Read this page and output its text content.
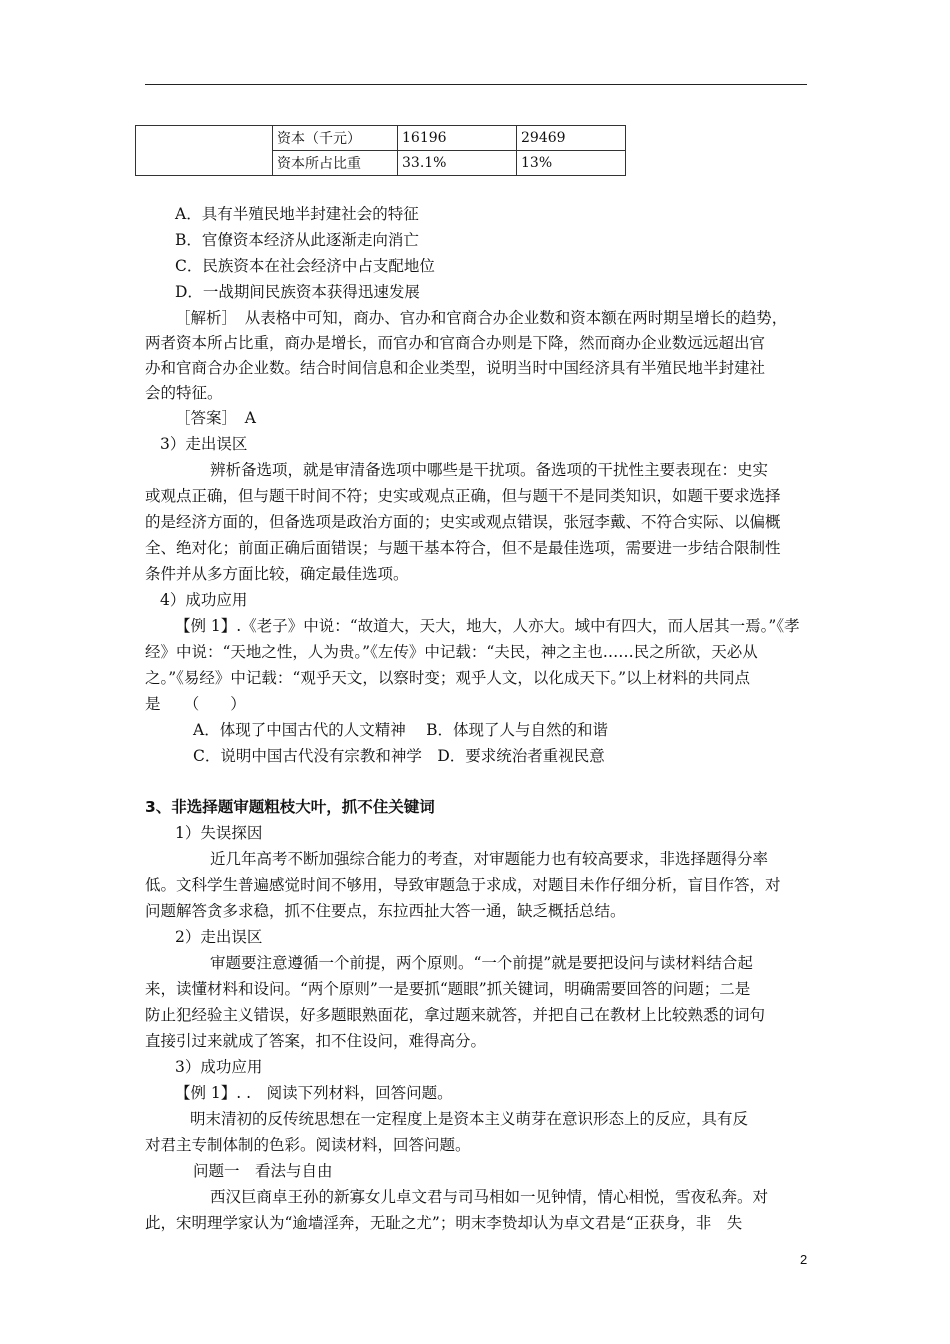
	资本（千元）	16196	29469
	资本所占比重	33.1%	13%
A．具有半殖民地半封建社会的特征
B．官僚资本经济从此逐渐走向消亡
C．民族资本在社会经济中占支配地位
D．一战期间民族资本获得迅速发展
［解析］　从表格中可知，商办、官办和官商合办企业数和资本额在两时期呈增长的趋势，
两者资本所占比重，商办是增长，而官办和官商合办则是下降，然而商办企业数远远超出官
办和官商合办企业数。结合时间信息和企业类型，说明当时中国经济具有半殖民地半封建社
会的特征。
［答案］　A
3）走出误区
辨析备选项，就是审清备选项中哪些是干扰项。备选项的干扰性主要表现在：史实
或观点正确，但与题干时间不符；史实或观点正确，但与题干不是同类知识，如题干要求选择
的是经济方面的，但备选项是政治方面的；史实或观点错误，张冠李戴、不符合实际、以偏概
全、绝对化；前面正确后面错误；与题干基本符合，但不是最佳选项，需要进一步结合限制性
条件并从多方面比较，确定最佳选项。
4）成功应用
【例 1】.《老子》中说：“故道大，天大，地大，人亦大。域中有四大，而人居其一焉。”《孝
经》中说：“天地之性，人为贵。”《左传》中记载：“夫民，神之主也……民之所欲，天必从
之。”《易经》中记载：“观乎天文，以察时变；观乎人文，以化成天下。”以上材料的共同点
是　　（　　）
A．体现了中国古代的人文精神　 B．体现了人与自然的和谐
C．说明中国古代没有宗教和神学　D．要求统治者重视民意
3、非选择题审题粗枝大叶，抓不住关键词
1）失误探因
近几年高考不断加强综合能力的考查，对审题能力也有较高要求，非选择题得分率
低。文科学生普遍感觉时间不够用，导致审题急于求成，对题目未作仔细分析，盲目作答，对
问题解答贪多求稳，抓不住要点，东拉西扯大答一通，缺乏概括总结。
2）走出误区
审题要注意遵循一个前提，两个原则。“一个前提”就是要把设问与读材料结合起
来，读懂材料和设问。“两个原则”一是要抓“题眼”抓关键词，明确需要回答的问题；二是
防止犯经验主义错误，好多题眼熟面花，拿过题来就答，并把自己在教材上比较熟悉的词句
直接引过来就成了答案，扣不住设问，难得高分。
3）成功应用
【例 1】. .　阅读下列材料，回答问题。
明末清初的反传统思想在一定程度上是资本主义萌芽在意识形态上的反应，具有反
对君主专制体制的色彩。阅读材料，回答问题。
问题一　看法与自由
西汉巨商卓王孙的新寡女儿卓文君与司马相如一见钟情，情心相悦，雪夜私奔。对
此，宋明理学家认为“逾墙淫奔，无耻之尤”；明末李贽却认为卓文君是“正获身，非　失
2
